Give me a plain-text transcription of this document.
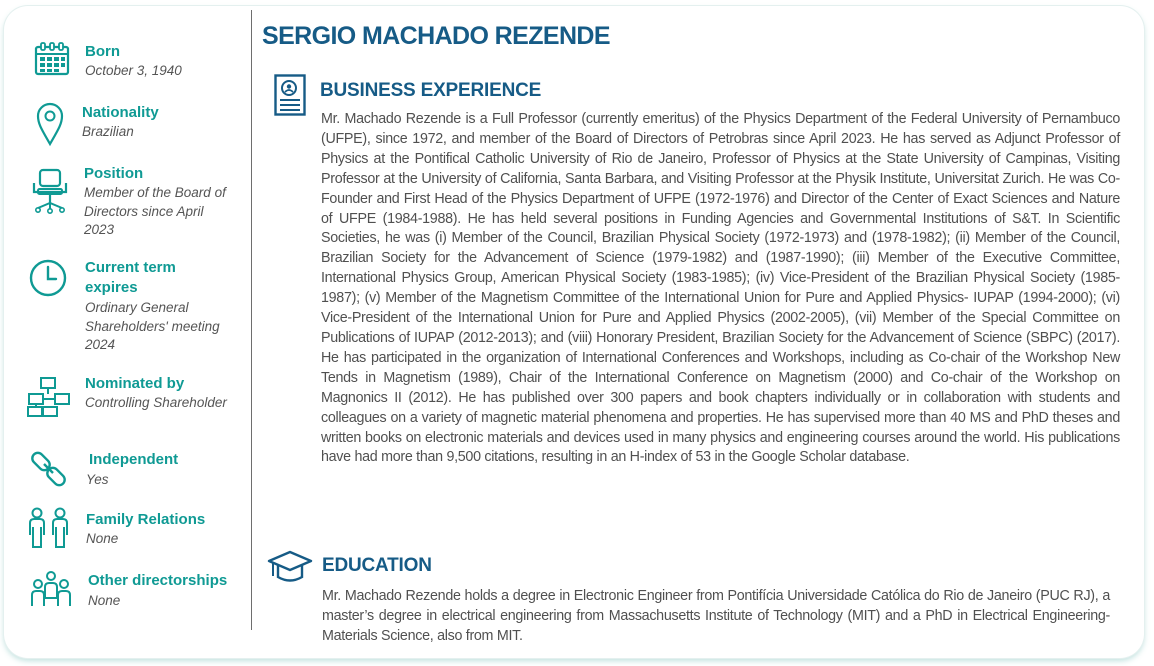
Born
October 3, 1940
Nationality
Brazilian
Position
Member of the Board of Directors since April 2023
Current term
expires
Ordinary General Shareholders' meeting 2024
Nominated by
Controlling Shareholder
Independent
Yes
Family Relations
None
Other directorships
None
SERGIO MACHADO REZENDE
BUSINESS EXPERIENCE
Mr. Machado Rezende is a Full Professor (currently emeritus) of the Physics Department of the Federal University of Pernambuco (UFPE), since 1972, and member of the Board of Directors of Petrobras since April 2023. He has served as Adjunct Professor of Physics at the Pontifical Catholic University of Rio de Janeiro, Professor of Physics at the State University of Campinas, Visiting Professor at the University of California, Santa Barbara, and Visiting Professor at the Physik Institute, Universitat Zurich. He was Co-Founder and First Head of the Physics Department of UFPE (1972-1976) and Director of the Center of Exact Sciences and Nature of UFPE (1984-1988). He has held several positions in Funding Agencies and Governmental Institutions of S&T. In Scientific Societies, he was (i) Member of the Council, Brazilian Physical Society (1972-1973) and (1978-1982); (ii) Member of the Council, Brazilian Society for the Advancement of Science (1979-1982) and (1987-1990); (iii) Member of the Executive Committee, International Physics Group, American Physical Society (1983-1985); (iv) Vice-President of the Brazilian Physical Society (1985-1987); (v) Member of the Magnetism Committee of the International Union for Pure and Applied Physics- IUPAP (1994-2000); (vi) Vice-President of the International Union for Pure and Applied Physics (2002-2005), (vii) Member of the Special Committee on Publications of IUPAP (2012-2013); and (viii) Honorary President, Brazilian Society for the Advancement of Science (SBPC) (2017). He has participated in the organization of International Conferences and Workshops, including as Co-chair of the Workshop New Tends in Magnetism (1989), Chair of the International Conference on Magnetism (2000) and Co-chair of the Workshop on Magnonics II (2012). He has published over 300 papers and book chapters individually or in collaboration with students and colleagues on a variety of magnetic material phenomena and properties. He has supervised more than 40 MS and PhD theses and written books on electronic materials and devices used in many physics and engineering courses around the world. His publications have had more than 9,500 citations, resulting in an H-index of 53 in the Google Scholar database.
EDUCATION
Mr. Machado Rezende holds a degree in Electronic Engineer from Pontifícia Universidade Católica do Rio de Janeiro (PUC RJ), a master’s degree in electrical engineering from Massachusetts Institute of Technology (MIT) and a PhD in Electrical Engineering-Materials Science, also from MIT.
